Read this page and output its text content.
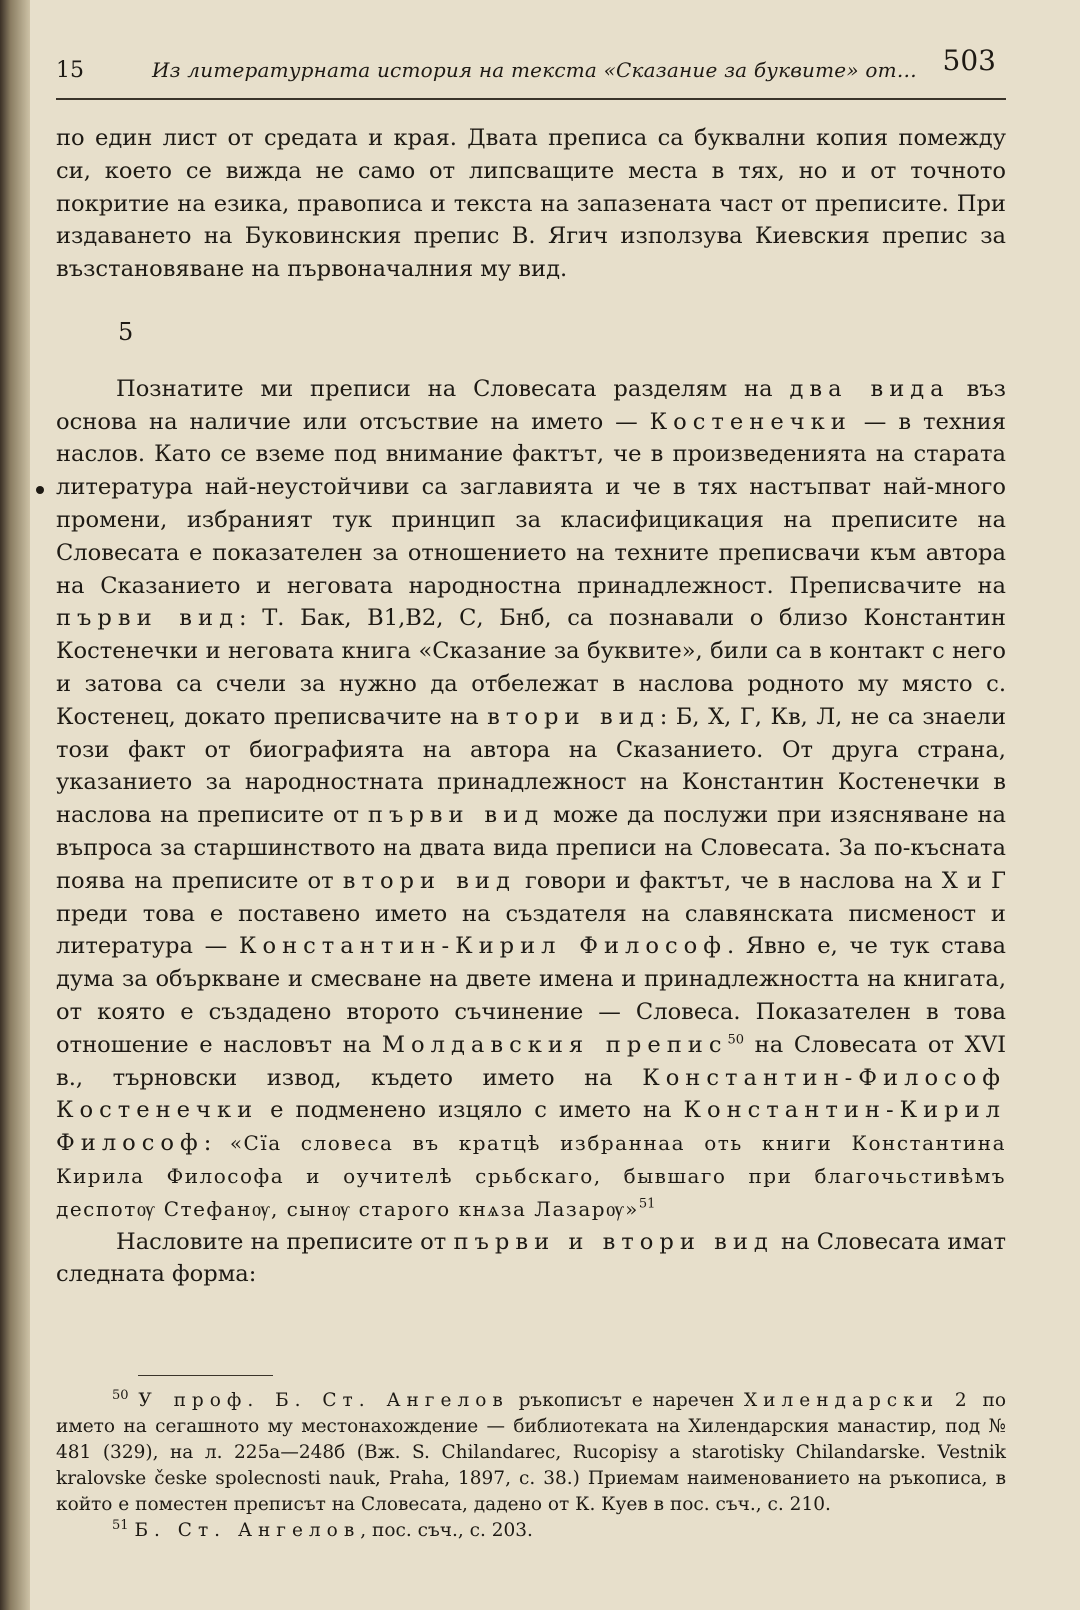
15	Из литературната история на текста «Сказание за буквите» от… 503

по един лист от средата и края. Двата преписа са буквални копия помежду си, което се вижда не само от липсващите места в тях, но и от точното покритие на езика, правописа и текста на запазената част от преписите. При издаването на Буковинския препис В. Ягич използува Киевския препис за възстановяване на първоначалния му вид.

5

Познатите ми преписи на Словесата разделям на два вида въз основа на наличие или отсъствие на името — Костенечки — в техния наслов. Като се вземе под внимание фактът, че в произведенията на старата литература най-неустойчиви са заглавията и че в тях настъпват най-много промени, избраният тук принцип за класифицикация на преписите на Словесата е показателен за отношението на техните преписвачи към автора на Сказанието и неговата народностна принадлежност. Преписвачите на първи вид: Т. Бак, В1,В2, С, Бнб, са познавали о близо Константин Костенечки и неговата книга «Сказание за буквите», били са в контакт с него и затова са счели за нужно да отбележат в наслова родното му място с. Костенец, докато преписвачите на втори вид: Б, Х, Г, Кв, Л, не са знаели този факт от биографията на автора на Сказанието. От друга страна, указанието за народностната принадлежност на Константин Костенечки в наслова на преписите от първи вид може да послужи при изясняване на въпроса за старшинството на двата вида преписи на Словесата. За по-късната поява на преписите от втори вид говори и фактът, че в наслова на Х и Г преди това е поставено името на създателя на славянската писменост и литература — Константин-Кирил Философ. Явно е, че тук става дума за объркване и смесване на двете имена и принадлежността на книгата, от която е създадено второто съчинение — Словеса. Показателен в това отношение е насловът на Молдавския препис$^{50}$ на Словесата от XVI в., търновски извод, където името на Константин-Философ Костенечки е подменено изцяло с името на Константин-Кирил Философ: «Сїа словеса въ кратцѣ избраннаа оть книги Константина Кирила Философа и оучителѣ срьбскаго, бывшаго при благочьстивѣмъ деспотѹ Стефанѹ, сынѹ старого кнѧза Лазарѹ»$^{51}$

Насловите на преписите от първи и втори вид на Словесата имат следната форма:

$^{50}$ У проф. Б. Ст. Ангелов ръкописът е наречен Хилендарски 2 по името на сегашното му местонахождение — библиотеката на Хилендарския манастир, под № 481 (329), на л. 225а—248б (Вж. S. Chilandarec, Rucopisy a starotisky Chilandarske. Vestnik kralovske česke spolecnosti nauk, Praha, 1897, с. 38.) Приемам наименованието на ръкописа, в който е поместен преписът на Словесата, дадено от К. Куев в пос. съч., с. 210.

$^{51}$ Б. Ст. Ангелов, пос. съч., с. 203.
